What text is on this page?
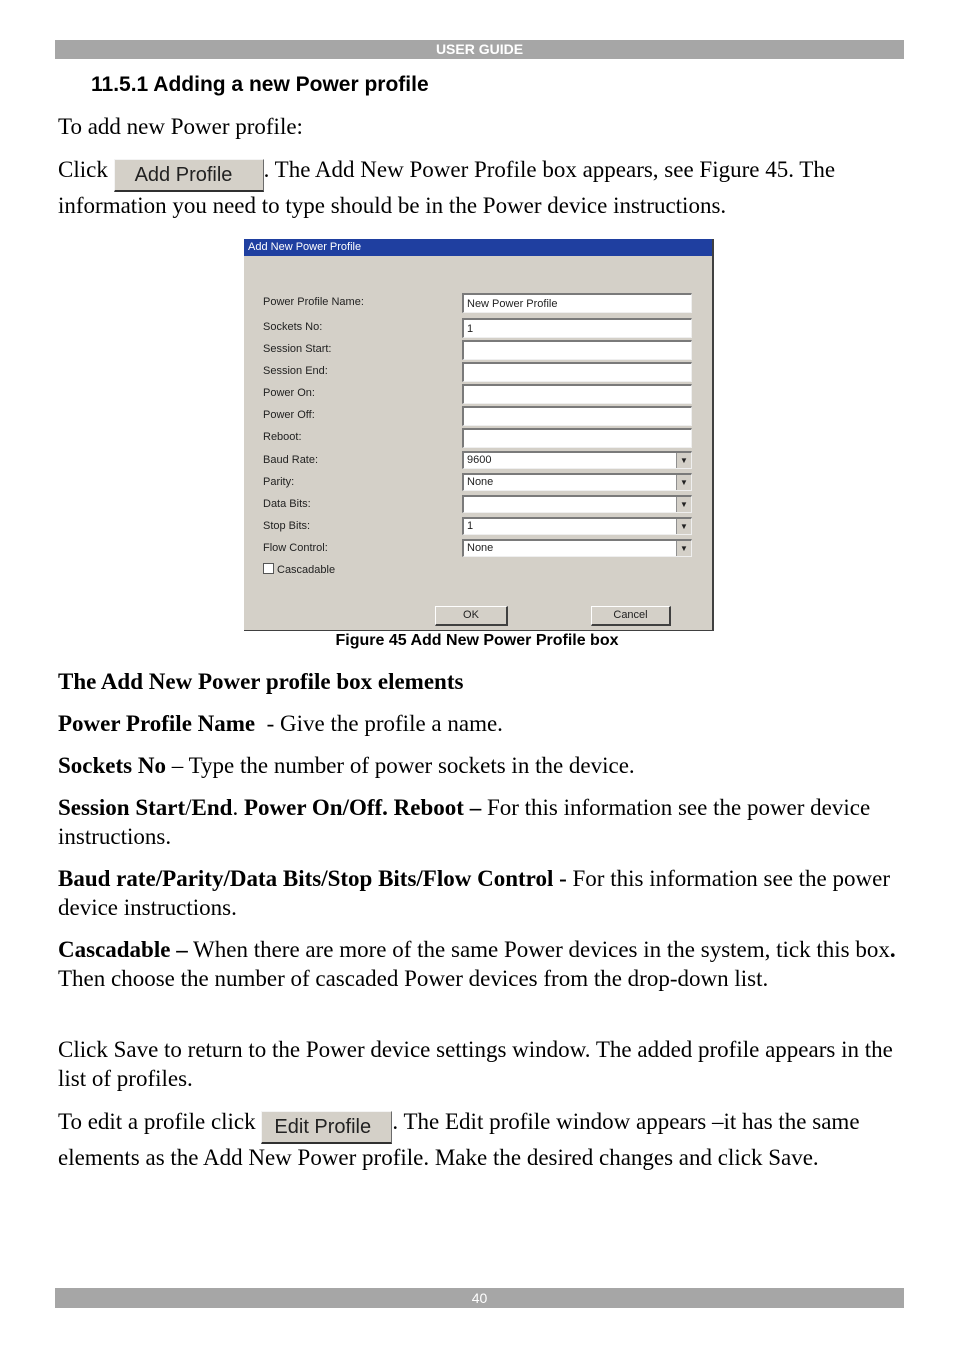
USER GUIDE
11.5.1 Adding a new Power profile
To add new Power profile:
Click Add Profile . The Add New Power Profile box appears, see Figure 45. The information you need to type should be in the Power device instructions.
Add New Power Profile
Power Profile Name:	New Power Profile
Sockets No:	1
Session Start:
Session End:
Power On:
Power Off:
Reboot:
Baud Rate:	9600	▼
Parity:	None	▼
Data Bits:	▼
Stop Bits:	1	▼
Flow Control:	None	▼
Cascadable
OK	Cancel
Figure 45 Add New Power Profile box
The Add New Power profile box elements
Power Profile Name  - Give the profile a name.
Sockets No – Type the number of power sockets in the device.
Session Start/End. Power On/Off. Reboot – For this information see the power device instructions.
Baud rate/Parity/Data Bits/Stop Bits/Flow Control - For this information see the power device instructions.
Cascadable – When there are more of the same Power devices in the system, tick this box. Then choose the number of cascaded Power devices from the drop-down list.
Click Save to return to the Power device settings window. The added profile appears in the list of profiles.
To edit a profile click Edit Profile . The Edit profile window appears –it has the same elements as the Add New Power profile. Make the desired changes and click Save.
40
